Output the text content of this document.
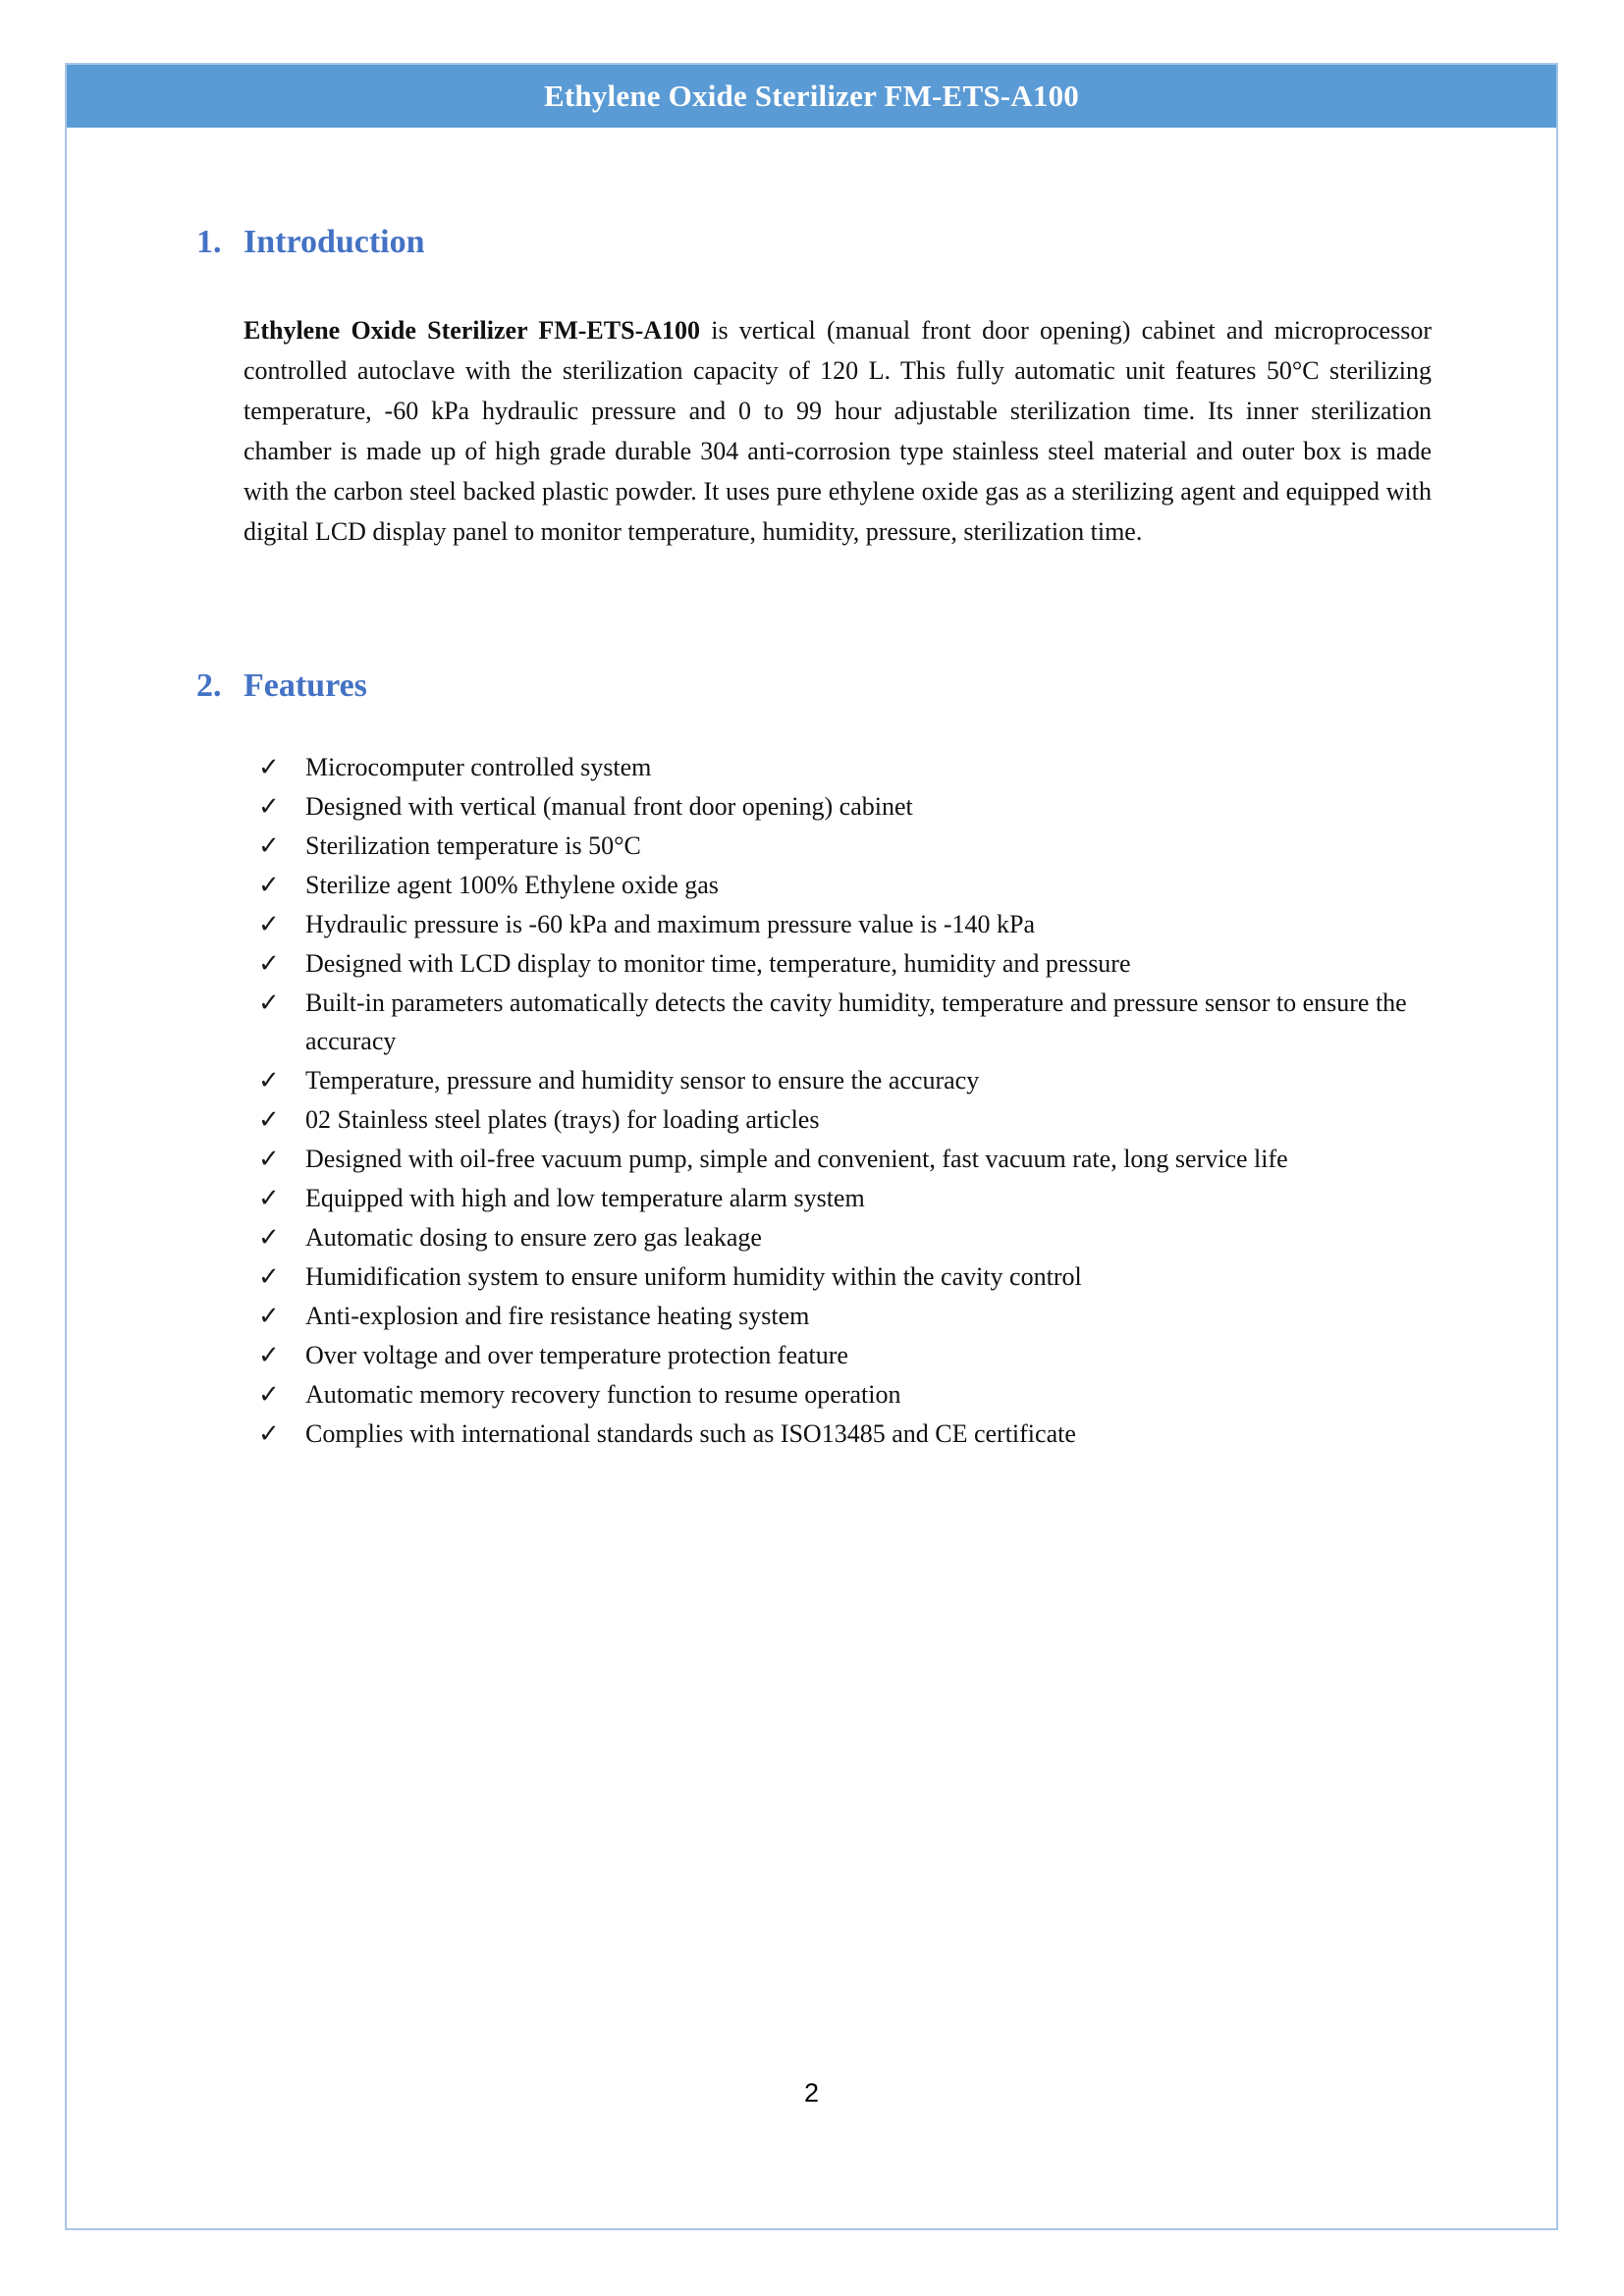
Ethylene Oxide Sterilizer FM-ETS-A100
1. Introduction

Ethylene Oxide Sterilizer FM-ETS-A100 is vertical (manual front door opening) cabinet and microprocessor controlled autoclave with the sterilization capacity of 120 L. This fully automatic unit features 50°C sterilizing temperature, -60 kPa hydraulic pressure and 0 to 99 hour adjustable sterilization time. Its inner sterilization chamber is made up of high grade durable 304 anti-corrosion type stainless steel material and outer box is made with the carbon steel backed plastic powder. It uses pure ethylene oxide gas as a sterilizing agent and equipped with digital LCD display panel to monitor temperature, humidity, pressure, sterilization time.

2. Features
✓ Microcomputer controlled system
✓ Designed with vertical (manual front door opening) cabinet
✓ Sterilization temperature is 50°C
✓ Sterilize agent 100% Ethylene oxide gas
✓ Hydraulic pressure is -60 kPa and maximum pressure value is -140 kPa
✓ Designed with LCD display to monitor time, temperature, humidity and pressure
✓ Built-in parameters automatically detects the cavity humidity, temperature and pressure sensor to ensure the accuracy
✓ Temperature, pressure and humidity sensor to ensure the accuracy
✓ 02 Stainless steel plates (trays) for loading articles
✓ Designed with oil-free vacuum pump, simple and convenient, fast vacuum rate, long service life
✓ Equipped with high and low temperature alarm system
✓ Automatic dosing to ensure zero gas leakage
✓ Humidification system to ensure uniform humidity within the cavity control
✓ Anti-explosion and fire resistance heating system
✓ Over voltage and over temperature protection feature
✓ Automatic memory recovery function to resume operation
✓ Complies with international standards such as ISO13485 and CE certificate
2
